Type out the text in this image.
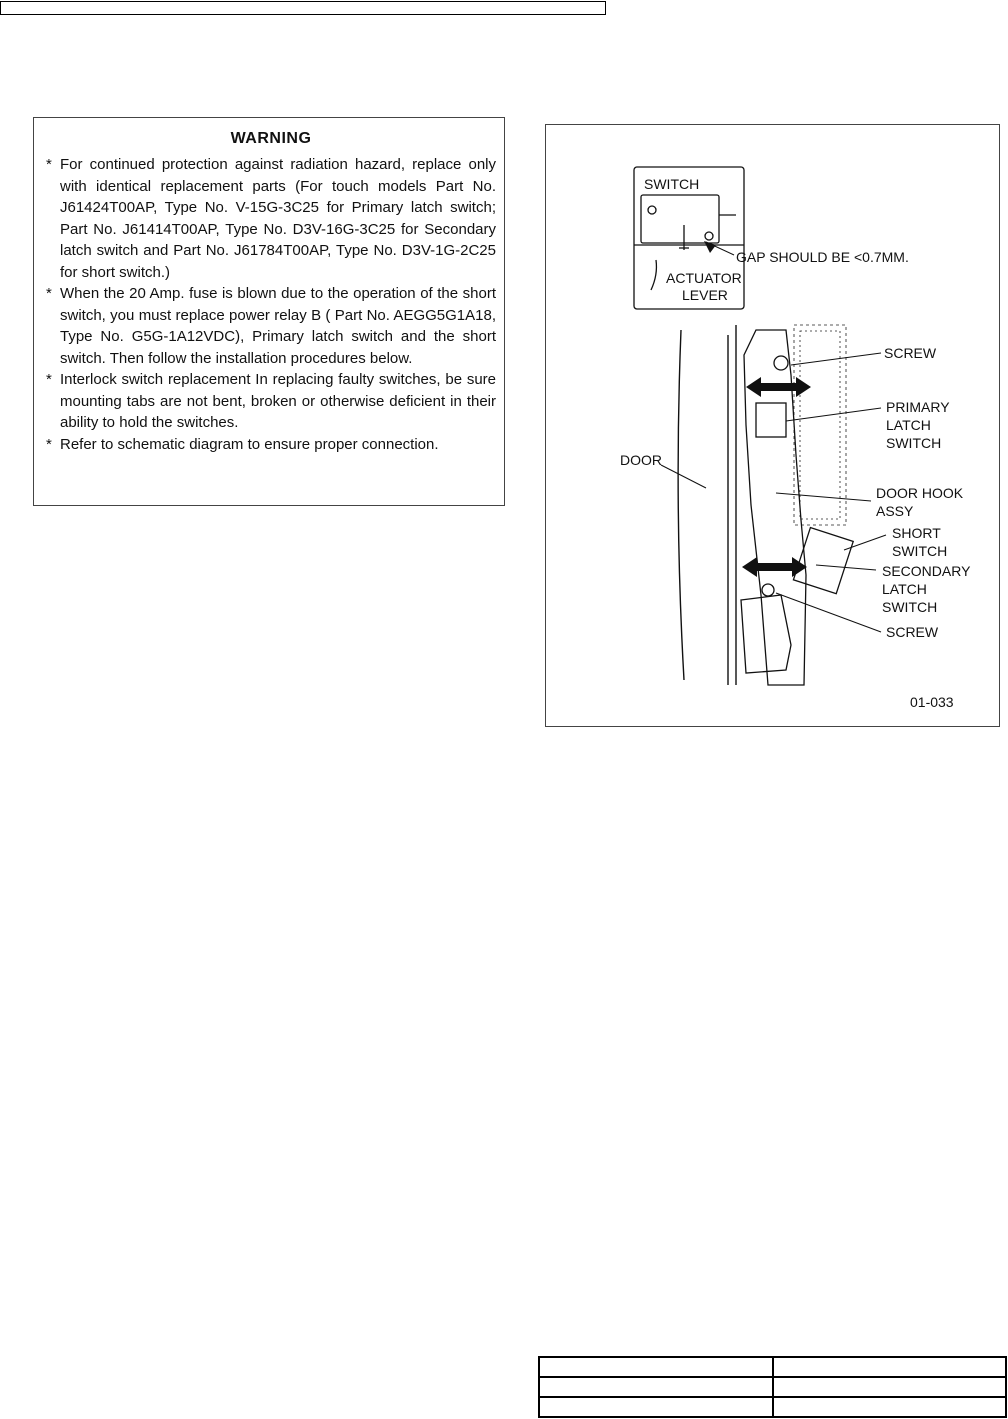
WARNING
* For continued protection against radiation hazard, replace only with identical replacement parts (For touch models Part No. J61424T00AP, Type No. V-15G-3C25 for Primary latch switch; Part No. J61414T00AP, Type No. D3V-16G-3C25 for Secondary latch switch and Part No. J61784T00AP, Type No. D3V-1G-2C25 for short switch.)
* When the 20 Amp. fuse is blown due to the operation of the short switch, you must replace power relay B ( Part No. AEGG5G1A18, Type No. G5G-1A12VDC), Primary latch switch and the short switch. Then follow the installation procedures below.
* Interlock switch replacement In replacing faulty switches, be sure mounting tabs are not bent, broken or otherwise deficient in their ability to hold the switches.
* Refer to schematic diagram to ensure proper connection.
SWITCH
GAP SHOULD BE <0.7MM.
ACTUATOR
LEVER
SCREW
PRIMARY
LATCH
SWITCH
DOOR
DOOR HOOK
ASSY
SHORT
SWITCH
SECONDARY
LATCH
SWITCH
SCREW
01-033
